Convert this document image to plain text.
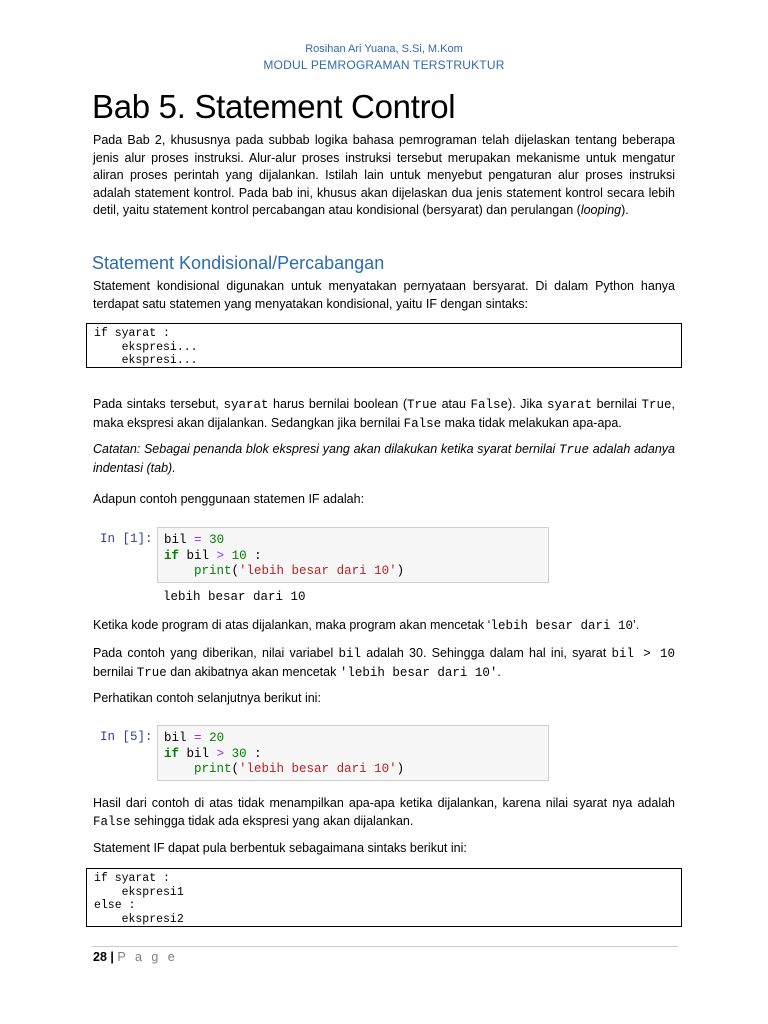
Rosihan Ari Yuana, S.Si, M.Kom
MODUL PEMROGRAMAN TERSTRUKTUR
Bab 5. Statement Control

Pada Bab 2, khususnya pada subbab logika bahasa pemrograman telah dijelaskan tentang beberapa jenis alur proses instruksi. Alur-alur proses instruksi tersebut merupakan mekanisme untuk mengatur aliran proses perintah yang dijalankan. Istilah lain untuk menyebut pengaturan alur proses instruksi adalah statement kontrol. Pada bab ini, khusus akan dijelaskan dua jenis statement kontrol secara lebih detil, yaitu statement kontrol percabangan atau kondisional (bersyarat) dan perulangan (looping).

Statement Kondisional/Percabangan

Statement kondisional digunakan untuk menyatakan pernyataan bersyarat. Di dalam Python hanya terdapat satu statemen yang menyatakan kondisional, yaitu IF dengan sintaks:

if syarat :
ekspresi...
ekspresi...

Pada sintaks tersebut, syarat harus bernilai boolean (True atau False). Jika syarat bernilai True, maka ekspresi akan dijalankan. Sedangkan jika bernilai False maka tidak melakukan apa-apa.

Catatan: Sebagai penanda blok ekspresi yang akan dilakukan ketika syarat bernilai True adalah adanya indentasi (tab).

Adapun contoh penggunaan statemen IF adalah:

In [1]: bil = 30
if bil > 10 :
print('lebih besar dari 10')
lebih besar dari 10

Ketika kode program di atas dijalankan, maka program akan mencetak ‘lebih besar dari 10’.

Pada contoh yang diberikan, nilai variabel bil adalah 30. Sehingga dalam hal ini, syarat bil > 10 bernilai True dan akibatnya akan mencetak 'lebih besar dari 10'.

Perhatikan contoh selanjutnya berikut ini:

In [5]: bil = 20
if bil > 30 :
print('lebih besar dari 10')

Hasil dari contoh di atas tidak menampilkan apa-apa ketika dijalankan, karena nilai syarat nya adalah False sehingga tidak ada ekspresi yang akan dijalankan.

Statement IF dapat pula berbentuk sebagaimana sintaks berikut ini:

if syarat :
ekspresi1
else :
ekspresi2
28 | P a g e
